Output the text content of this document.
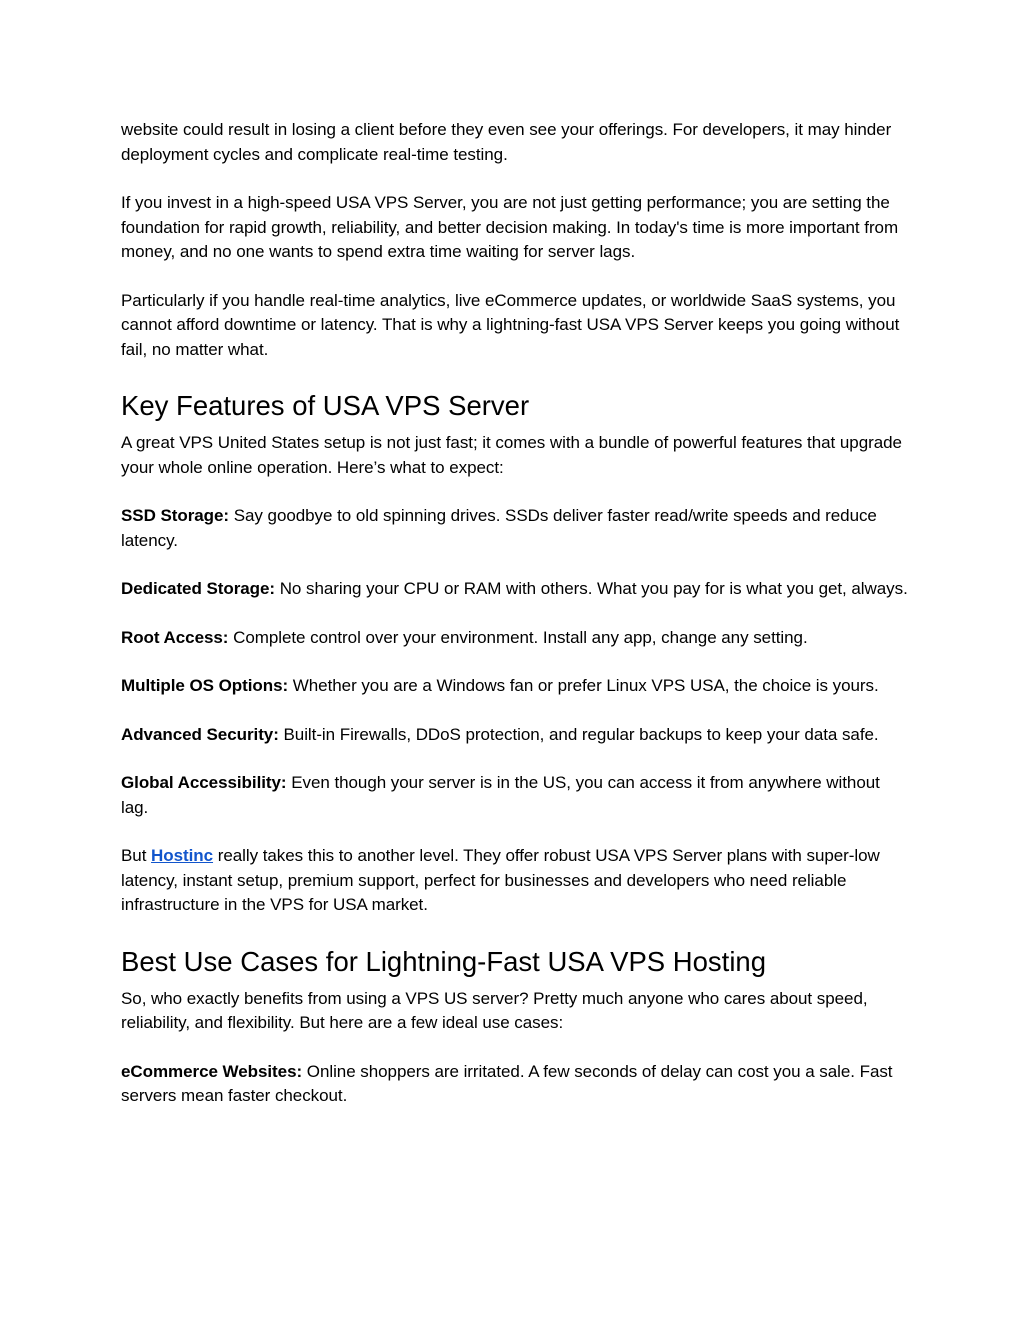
website could result in losing a client before they even see your offerings. For developers, it may hinder deployment cycles and complicate real-time testing.

If you invest in a high-speed USA VPS Server, you are not just getting performance; you are setting the foundation for rapid growth, reliability, and better decision making. In today's time is more important from money, and no one wants to spend extra time waiting for server lags.

Particularly if you handle real-time analytics, live eCommerce updates, or worldwide SaaS systems, you cannot afford downtime or latency. That is why a lightning-fast USA VPS Server keeps you going without fail, no matter what.

Key Features of USA VPS Server

A great VPS United States setup is not just fast; it comes with a bundle of powerful features that upgrade your whole online operation. Here’s what to expect:

SSD Storage: Say goodbye to old spinning drives. SSDs deliver faster read/write speeds and reduce latency.

Dedicated Storage: No sharing your CPU or RAM with others. What you pay for is what you get, always.

Root Access: Complete control over your environment. Install any app, change any setting.

Multiple OS Options: Whether you are a Windows fan or prefer Linux VPS USA, the choice is yours.

Advanced Security: Built-in Firewalls, DDoS protection, and regular backups to keep your data safe.

Global Accessibility: Even though your server is in the US, you can access it from anywhere without lag.

But Hostinc really takes this to another level. They offer robust USA VPS Server plans with super-low latency, instant setup, premium support, perfect for businesses and developers who need reliable infrastructure in the VPS for USA market.

Best Use Cases for Lightning-Fast USA VPS Hosting

So, who exactly benefits from using a VPS US server? Pretty much anyone who cares about speed, reliability, and flexibility. But here are a few ideal use cases:

eCommerce Websites: Online shoppers are irritated. A few seconds of delay can cost you a sale. Fast servers mean faster checkout.
